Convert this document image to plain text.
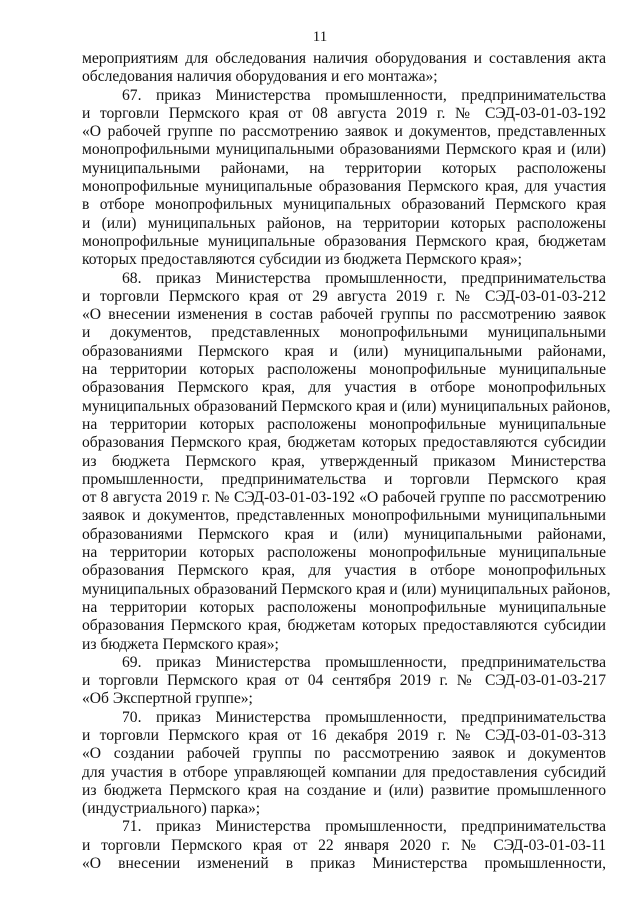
11
мероприятиям для обследования наличия оборудования и составления акта
обследования наличия оборудования и его монтажа»;
67. приказ Министерства промышленности, предпринимательства
и торговли Пермского края от 08 августа 2019 г. № СЭД-03-01-03-192
«О рабочей группе по рассмотрению заявок и документов, представленных
монопрофильными муниципальными образованиями Пермского края и (или)
муниципальными районами, на территории которых расположены
монопрофильные муниципальные образования Пермского края, для участия
в отборе монопрофильных муниципальных образований Пермского края
и (или) муниципальных районов, на территории которых расположены
монопрофильные муниципальные образования Пермского края, бюджетам
которых предоставляются субсидии из бюджета Пермского края»;
68. приказ Министерства промышленности, предпринимательства
и торговли Пермского края от 29 августа 2019 г. № СЭД-03-01-03-212
«О внесении изменения в состав рабочей группы по рассмотрению заявок
и документов, представленных монопрофильными муниципальными
образованиями Пермского края и (или) муниципальными районами,
на территории которых расположены монопрофильные муниципальные
образования Пермского края, для участия в отборе монопрофильных
муниципальных образований Пермского края и (или) муниципальных районов,
на территории которых расположены монопрофильные муниципальные
образования Пермского края, бюджетам которых предоставляются субсидии
из бюджета Пермского края, утвержденный приказом Министерства
промышленности, предпринимательства и торговли Пермского края
от 8 августа 2019 г. № СЭД-03-01-03-192 «О рабочей группе по рассмотрению
заявок и документов, представленных монопрофильными муниципальными
образованиями Пермского края и (или) муниципальными районами,
на территории которых расположены монопрофильные муниципальные
образования Пермского края, для участия в отборе монопрофильных
муниципальных образований Пермского края и (или) муниципальных районов,
на территории которых расположены монопрофильные муниципальные
образования Пермского края, бюджетам которых предоставляются субсидии
из бюджета Пермского края»;
69. приказ Министерства промышленности, предпринимательства
и торговли Пермского края от 04 сентября 2019 г. № СЭД-03-01-03-217
«Об Экспертной группе»;
70. приказ Министерства промышленности, предпринимательства
и торговли Пермского края от 16 декабря 2019 г. № СЭД-03-01-03-313
«О создании рабочей группы по рассмотрению заявок и документов
для участия в отборе управляющей компании для предоставления субсидий
из бюджета Пермского края на создание и (или) развитие промышленного
(индустриального) парка»;
71. приказ Министерства промышленности, предпринимательства
и торговли Пермского края от 22 января 2020 г. № СЭД-03-01-03-11
«О внесении изменений в приказ Министерства промышленности,
